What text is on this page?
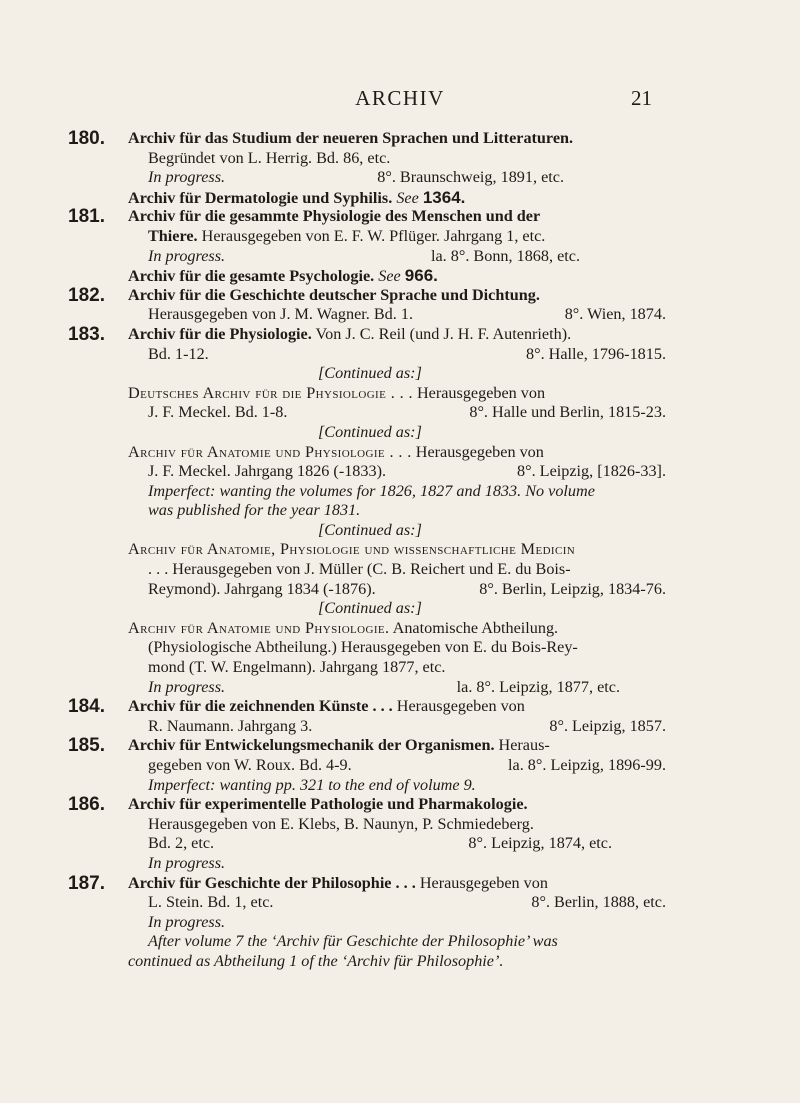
ARCHIV	21
180. Archiv für das Studium der neueren Sprachen und Litteraturen.
Begründet von L. Herrig. Bd. 86, etc.
In progress.	8°. Braunschweig, 1891, etc.
Archiv für Dermatologie und Syphilis. See 1364.
181. Archiv für die gesammte Physiologie des Menschen und der
Thiere. Herausgegeben von E. F. W. Pflüger. Jahrgang 1, etc.
In progress.	la. 8°. Bonn, 1868, etc.
Archiv für die gesamte Psychologie. See 966.
182. Archiv für die Geschichte deutscher Sprache und Dichtung.
Herausgegeben von J. M. Wagner. Bd. 1.	8°. Wien, 1874.
183. Archiv für die Physiologie. Von J. C. Reil (und J. H. F. Autenrieth).
Bd. 1-12.	8°. Halle, 1796-1815.
[Continued as:]
Deutsches Archiv für die Physiologie . . . Herausgegeben von
J. F. Meckel. Bd. 1-8.	8°. Halle und Berlin, 1815-23.
[Continued as:]
Archiv für Anatomie und Physiologie . . . Herausgegeben von
J. F. Meckel. Jahrgang 1826 (-1833).	8°. Leipzig, [1826-33].
Imperfect: wanting the volumes for 1826, 1827 and 1833. No volume
was published for the year 1831.
[Continued as:]
Archiv für Anatomie, Physiologie und wissenschaftliche Medicin
. . . Herausgegeben von J. Müller (C. B. Reichert und E. du Bois-
Reymond). Jahrgang 1834 (-1876).	8°. Berlin, Leipzig, 1834-76.
[Continued as:]
Archiv für Anatomie und Physiologie. Anatomische Abtheilung.
(Physiologische Abtheilung.) Herausgegeben von E. du Bois-Rey-
mond (T. W. Engelmann). Jahrgang 1877, etc.
In progress.	la. 8°. Leipzig, 1877, etc.
184. Archiv für die zeichnenden Künste . . . Herausgegeben von
R. Naumann. Jahrgang 3.	8°. Leipzig, 1857.
185. Archiv für Entwickelungsmechanik der Organismen. Heraus-
gegeben von W. Roux. Bd. 4-9.	la. 8°. Leipzig, 1896-99.
Imperfect: wanting pp. 321 to the end of volume 9.
186. Archiv für experimentelle Pathologie und Pharmakologie.
Herausgegeben von E. Klebs, B. Naunyn, P. Schmiedeberg.
Bd. 2, etc.	8°. Leipzig, 1874, etc.
In progress.
187. Archiv für Geschichte der Philosophie . . . Herausgegeben von
L. Stein. Bd. 1, etc.	8°. Berlin, 1888, etc.
In progress.
After volume 7 the ‘Archiv für Geschichte der Philosophie’ was
continued as Abtheilung 1 of the ‘Archiv für Philosophie’.
